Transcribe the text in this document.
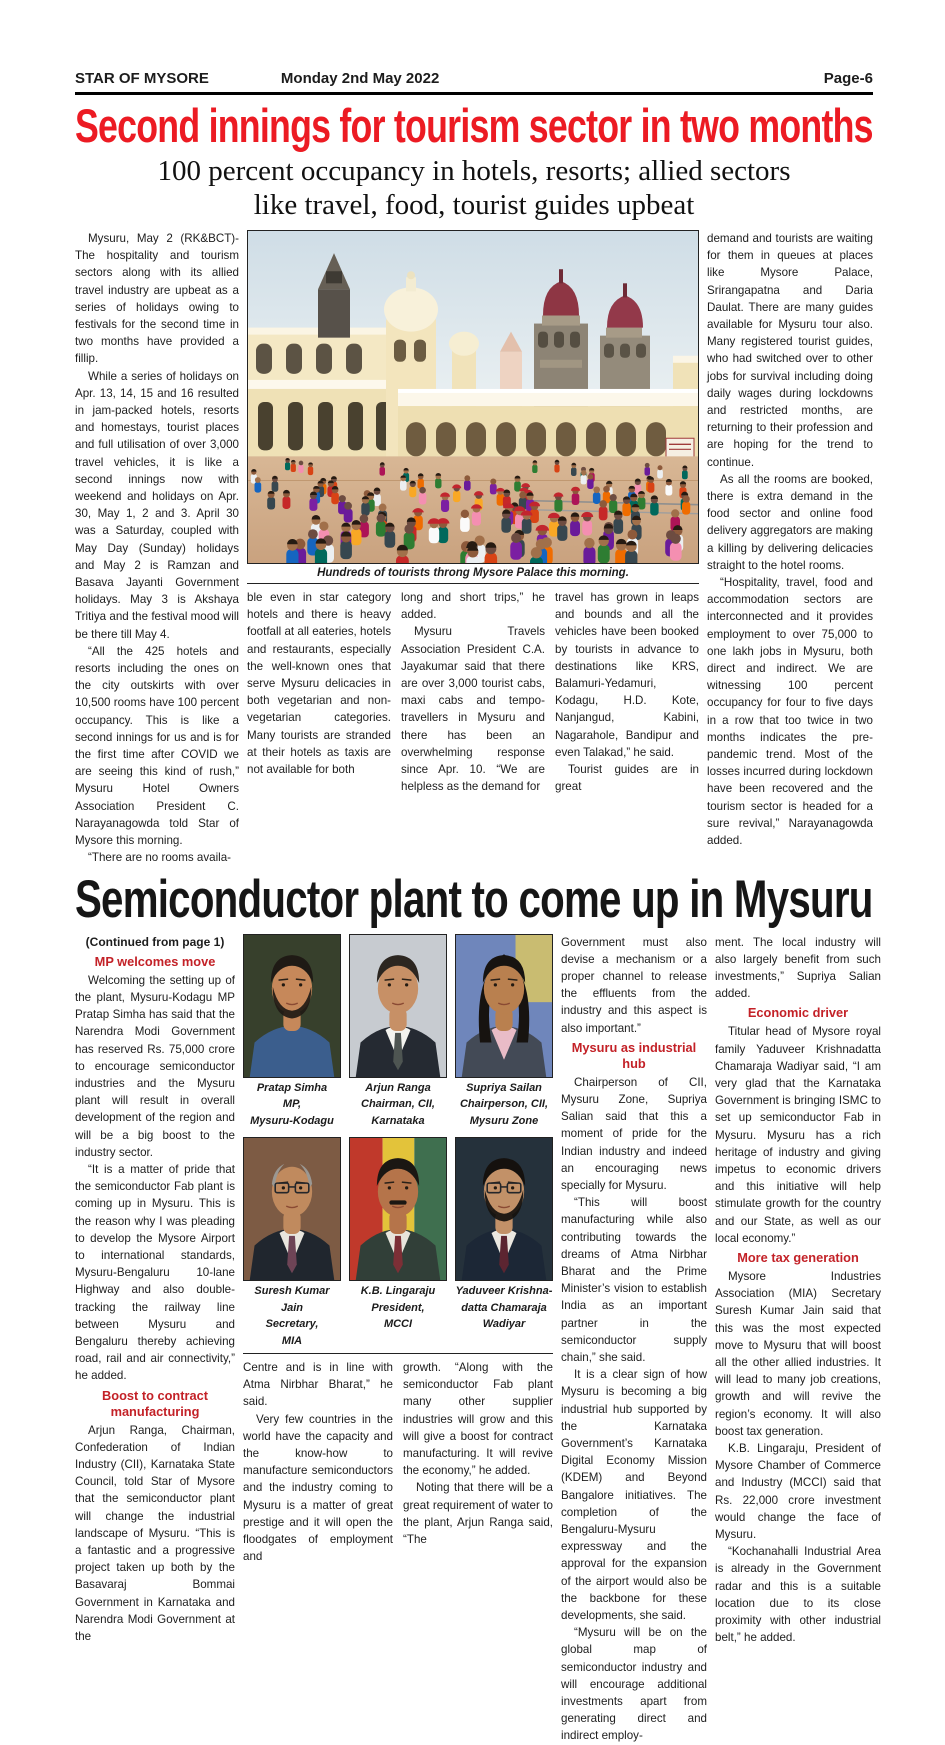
STAR OF MYSORE	Monday 2nd May 2022	Page-6
Second innings for tourism sector in two months
100 percent occupancy in hotels, resorts; allied sectors
like travel, food, tourist guides upbeat

Mysuru, May 2 (RK&BCT)- The hospitality and tourism sectors along with its allied travel industry are upbeat as a series of holidays owing to festivals for the second time in two months have provided a fillip.

While a series of holidays on Apr. 13, 14, 15 and 16 resulted in jam-packed hotels, resorts and homestays, tourist places and full utilisation of over 3,000 travel vehicles, it is like a second innings now with weekend and holidays on Apr. 30, May 1, 2 and 3. April 30 was a Saturday, coupled with May Day (Sunday) holidays and May 2 is Ramzan and Basava Jayanti Government holidays. May 3 is Akshaya Tritiya and the festival mood will be there till May 4.

“All the 425 hotels and resorts including the ones on the city outskirts with over 10,500 rooms have 100 percent occupancy. This is like a second innings for us and is for the first time after COVID we are seeing this kind of rush,” Mysuru Hotel Owners Association President C. Narayanagowda told Star of Mysore this morning.

“There are no rooms availa-

Hundreds of tourists throng Mysore Palace this morning.

ble even in star category hotels and there is heavy footfall at all eateries, hotels and restaurants, especially the well-known ones that serve Mysuru delicacies in both vegetarian and non-vegetarian categories. Many tourists are stranded at their hotels as taxis are not available for both

long and short trips,” he added.

Mysuru Travels Association President C.A. Jayakumar said that there are over 3,000 tourist cabs, maxi cabs and tempo-travellers in Mysuru and there has been an overwhelming response since Apr. 10. “We are helpless as the demand for

travel has grown in leaps and bounds and all the vehicles have been booked by tourists in advance to destinations like KRS, Balamuri-Yedamuri, Kodagu, H.D. Kote, Nanjangud, Kabini, Nagarahole, Bandipur and even Talakad,” he said.

Tourist guides are in great

demand and tourists are waiting for them in queues at places like Mysore Palace, Srirangapatna and Daria Daulat. There are many guides available for Mysuru tour also. Many registered tourist guides, who had switched over to other jobs for survival including doing daily wages during lockdowns and restricted months, are returning to their profession and are hoping for the trend to continue.

As all the rooms are booked, there is extra demand in the food sector and online food delivery aggregators are making a killing by delivering delicacies straight to the hotel rooms.

“Hospitality, travel, food and accommodation sectors are interconnected and it provides employment to over 75,000 to one lakh jobs in Mysuru, both direct and indirect. We are witnessing 100 percent occupancy for four to five days in a row that too twice in two months indicates the pre-pandemic trend. Most of the losses incurred during lockdown have been recovered and the tourism sector is headed for a sure revival,” Narayanagowda added.

Semiconductor plant to come up in Mysuru

(Continued from page 1)

MP welcomes move

Welcoming the setting up of the plant, Mysuru-Kodagu MP Pratap Simha has said that the Narendra Modi Government has reserved Rs. 75,000 crore to encourage semiconductor industries and the Mysuru plant will result in overall development of the region and will be a big boost to the industry sector.

“It is a matter of pride that the semiconductor Fab plant is coming up in Mysuru. This is the reason why I was pleading to develop the Mysore Airport to international standards, Mysuru-Bengaluru 10-lane Highway and also double-tracking the railway line between Mysuru and Bengaluru thereby achieving road, rail and air connectivity,” he added.

Boost to contract manufacturing

Arjun Ranga, Chairman, Confederation of Indian Industry (CII), Karnataka State Council, told Star of Mysore that the semiconductor plant will change the industrial landscape of Mysuru. “This is a fantastic and a progressive project taken up both by the Basavaraj Bommai Government in Karnataka and Narendra Modi Government at the

Pratap Simha
MP,
Mysuru-Kodagu
Arjun Ranga
Chairman, CII,
Karnataka
Supriya Sailan
Chairperson, CII,
Mysuru Zone
Suresh Kumar Jain
Secretary,
MIA
K.B. Lingaraju
President,
MCCI
Yaduveer Krishna-
datta Chamaraja
Wadiyar

Centre and is in line with Atma Nirbhar Bharat,” he said.

Very few countries in the world have the capacity and the know-how to manufacture semiconductors and the industry coming to Mysuru is a matter of great prestige and it will open the floodgates of employment and

growth. “Along with the semiconductor Fab plant many other supplier industries will grow and this will give a boost for contract manufacturing. It will revive the economy,” he added.

Noting that there will be a great requirement of water to the plant, Arjun Ranga said, “The

Government must also devise a mechanism or a proper channel to release the effluents from the industry and this aspect is also important.”

Mysuru as industrial hub

Chairperson of CII, Mysuru Zone, Supriya Salian said that this a moment of pride for the Indian industry and indeed an encouraging news specially for Mysuru.

“This will boost manufacturing while also contributing towards the dreams of Atma Nirbhar Bharat and the Prime Minister’s vision to establish India as an important partner in the semiconductor supply chain,” she said.

It is a clear sign of how Mysuru is becoming a big industrial hub supported by the Karnataka Government’s Karnataka Digital Economy Mission (KDEM) and Beyond Bangalore initiatives. The completion of the Bengaluru-Mysuru expressway and the approval for the expansion of the airport would also be the backbone for these developments, she said.

“Mysuru will be on the global map of semiconductor industry and will encourage additional investments apart from generating direct and indirect employ-

ment. The local industry will also largely benefit from such investments,” Supriya Salian added.

Economic driver

Titular head of Mysore royal family Yaduveer Krishnadatta Chamaraja Wadiyar said, “I am very glad that the Karnataka Government is bringing ISMC to set up semiconductor Fab in Mysuru. Mysuru has a rich heritage of industry and giving impetus to economic drivers and this initiative will help stimulate growth for the country and our State, as well as our local economy.”

More tax generation

Mysore Industries Association (MIA) Secretary Suresh Kumar Jain said that this was the most expected move to Mysuru that will boost all the other allied industries. It will lead to many job creations, growth and will revive the region’s economy. It will also boost tax generation.

K.B. Lingaraju, President of Mysore Chamber of Commerce and Industry (MCCI) said that Rs. 22,000 crore investment would change the face of Mysuru.

“Kochanahalli Industrial Area is already in the Government radar and this is a suitable location due to its close proximity with other industrial belt,” he added.
